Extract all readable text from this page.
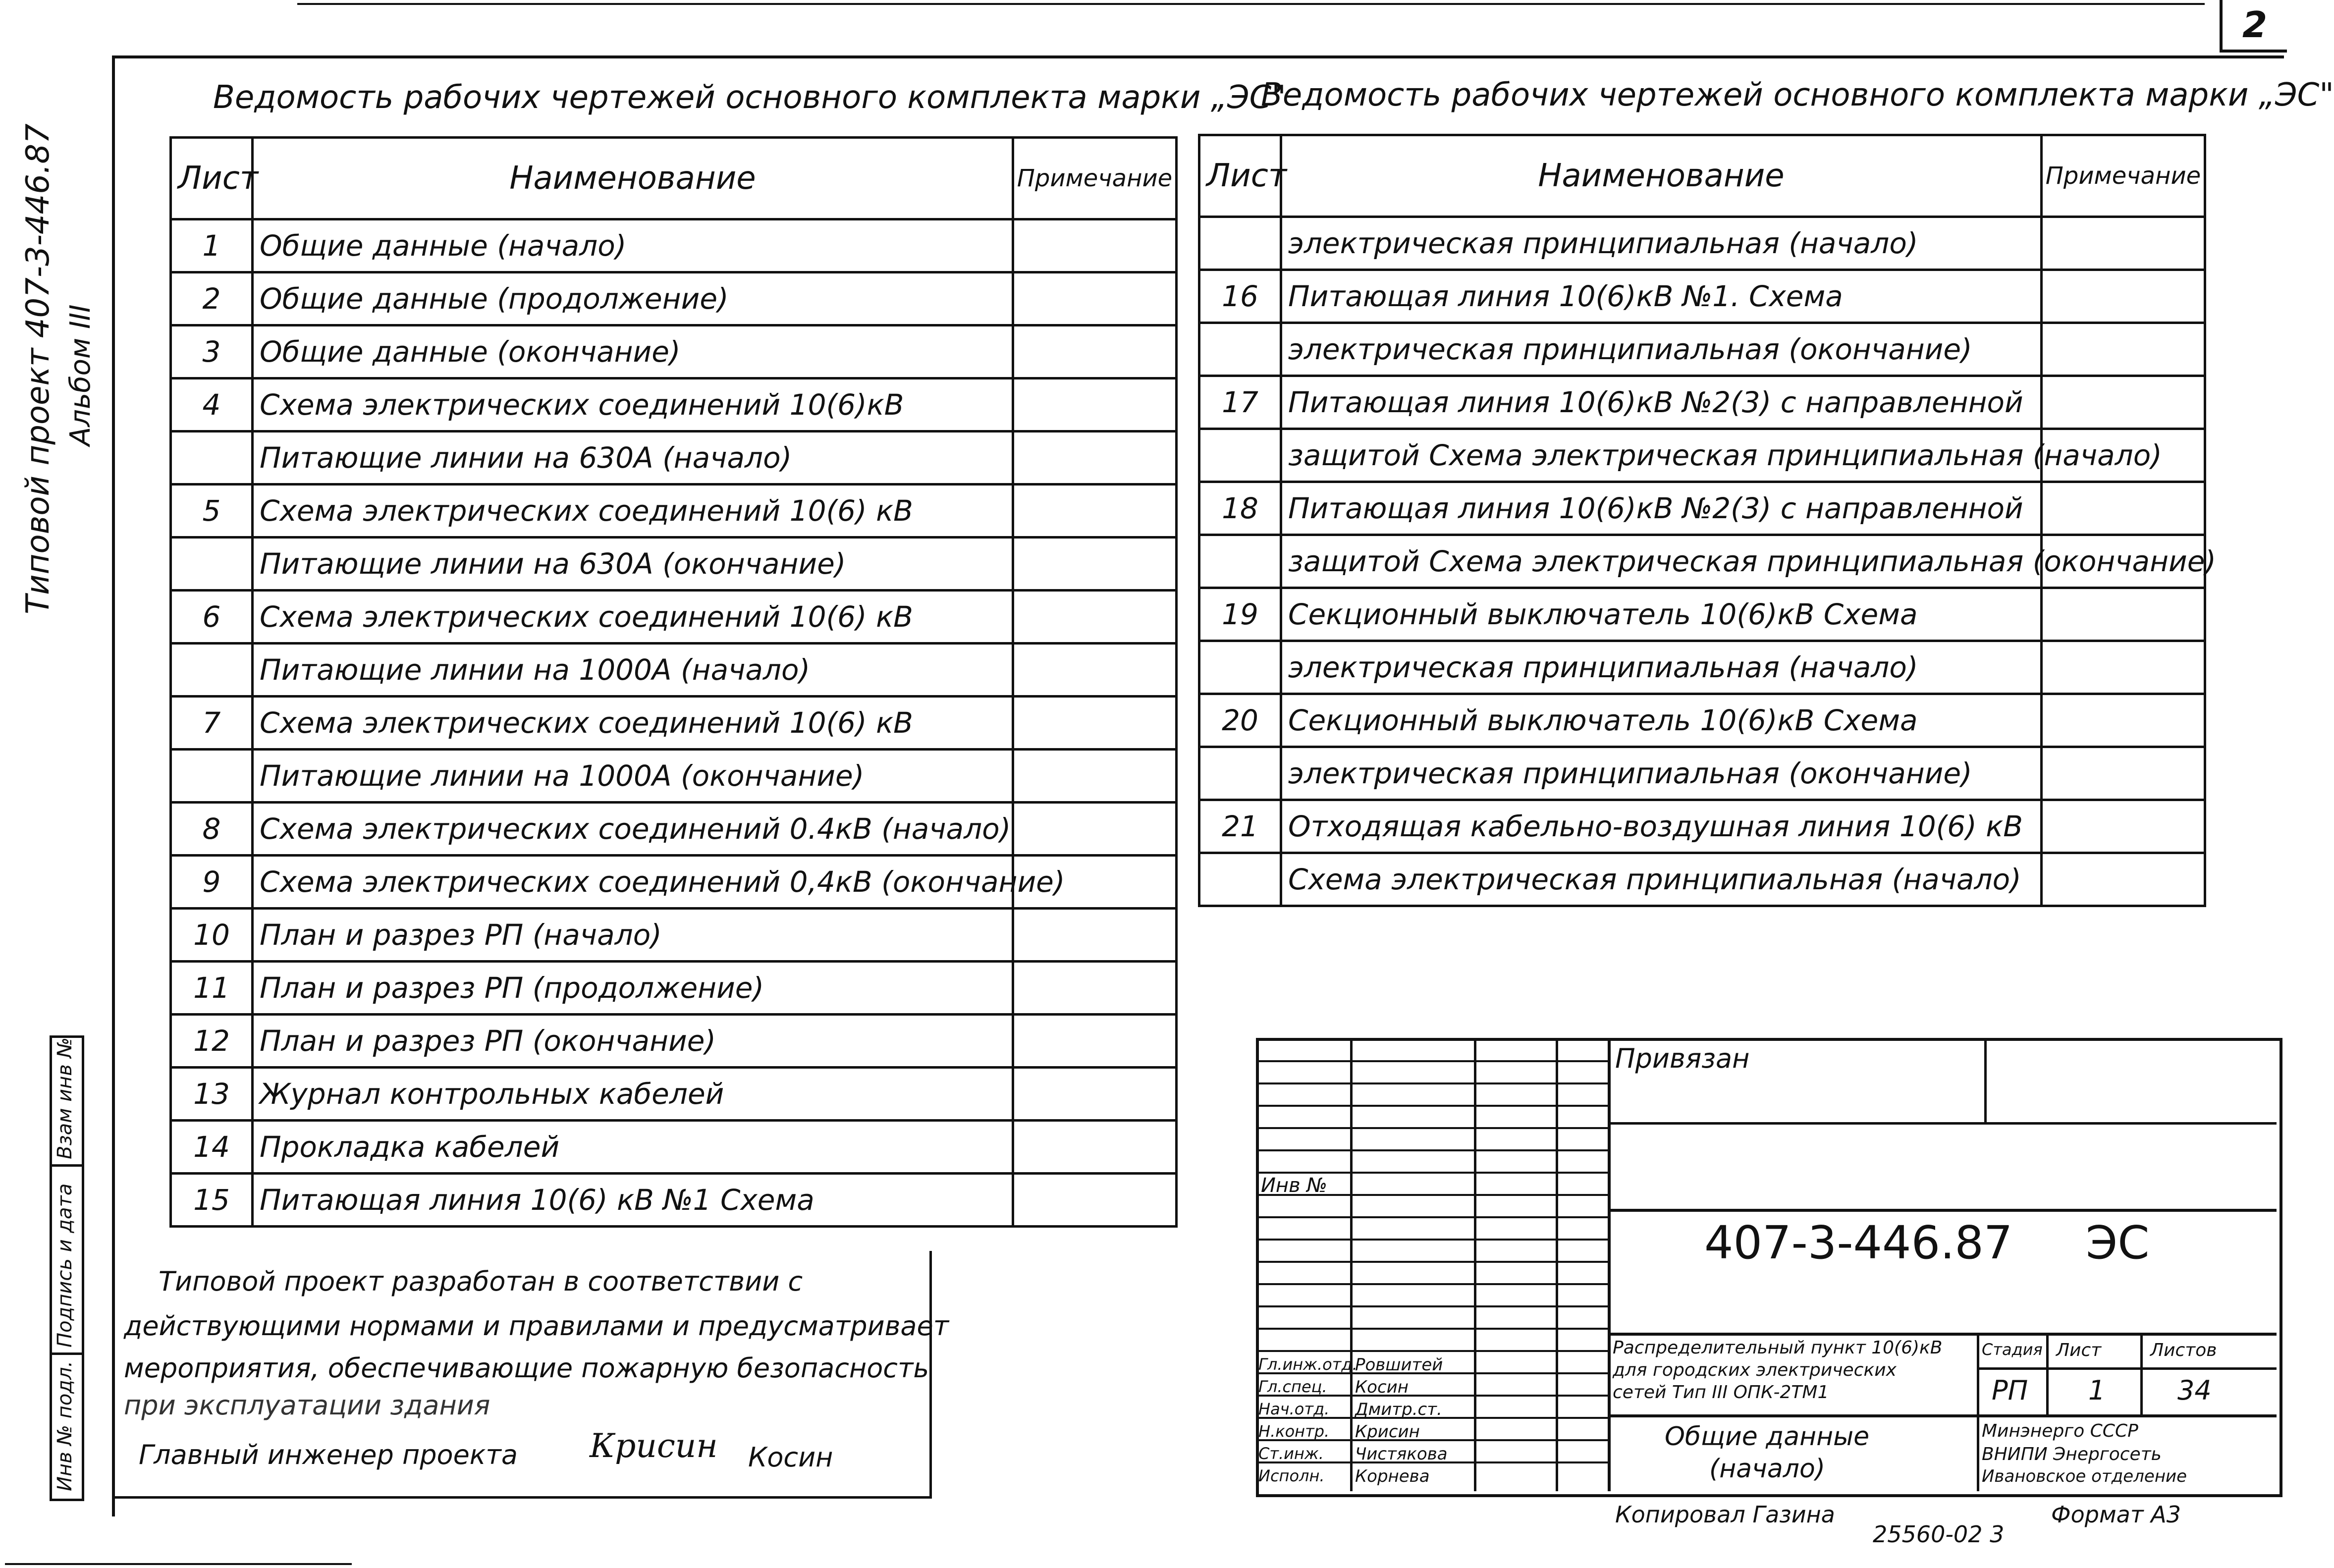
2
Типовой проект 407-3-446.87 Альбом III
Взам инв №
Подпись и дата
Инв № подл.
Ведомость рабочих чертежей основного комплекта марки „ЭС"
Лист	Наименование	Примечание
1	Общие данные (начало)	
2	Общие данные (продолжение)	
3	Общие данные (окончание)	
4	Схема электрических соединений 10(6)кВ	
	Питающие линии на 630А (начало)	
5	Схема электрических соединений 10(6) кВ	
	Питающие линии на 630А (окончание)	
6	Схема электрических соединений 10(6) кВ	
	Питающие линии на 1000А (начало)	
7	Схема электрических соединений 10(6) кВ	
	Питающие линии на 1000А (окончание)	
8	Схема электрических соединений 0.4кВ (начало)	
9	Схема электрических соединений 0,4кВ (окончание)	
10	План и разрез РП (начало)	
11	План и разрез РП (продолжение)	
12	План и разрез РП (окончание)	
13	Журнал контрольных кабелей	
14	Прокладка кабелей	
15	Питающая линия 10(6) кВ №1 Схема	
Ведомость рабочих чертежей основного комплекта марки „ЭС"
Лист	Наименование	Примечание
	электрическая принципиальная (начало)	
16	Питающая линия 10(6)кВ №1. Схема	
	электрическая принципиальная (окончание)	
17	Питающая линия 10(6)кВ №2(3) с направленной	
	защитой Схема электрическая принципиальная (начало)	
18	Питающая линия 10(6)кВ №2(3) с направленной	
	защитой Схема электрическая принципиальная (окончание)	
19	Секционный выключатель 10(6)кВ Схема	
	электрическая принципиальная (начало)	
20	Секционный выключатель 10(6)кВ Схема	
	электрическая принципиальная (окончание)	
21	Отходящая кабельно-воздушная линия 10(6) кВ	
	Схема электрическая принципиальная (начало)	
Типовой проект разработан в соответствии с
действующими нормами и правилами и предусматривает
мероприятия, обеспечивающие пожарную безопасность
при эксплуатации здания
Главный инженер проекта Крисин Косин
Гл.инж.отд.
Ровшитей
Гл.спец. Косин
Нач.отд. Дмитр.ст.
Н.контр. Крисин
Ст.инж. Чистякова
Исполн. Корнева
Привязан
Инв №
407-3-446.87 ЭС
Распределительный пункт 10(6)кВ
для городских электрических
сетей Тип III ОПК-2ТМ1
Стадия Лист	Листов
РП 1	34
Общие данные
(начало)
Минэнерго СССР
ВНИПИ Энергосеть
Ивановское отделение
Копировал Газина
25560-02 3
Формат А3
